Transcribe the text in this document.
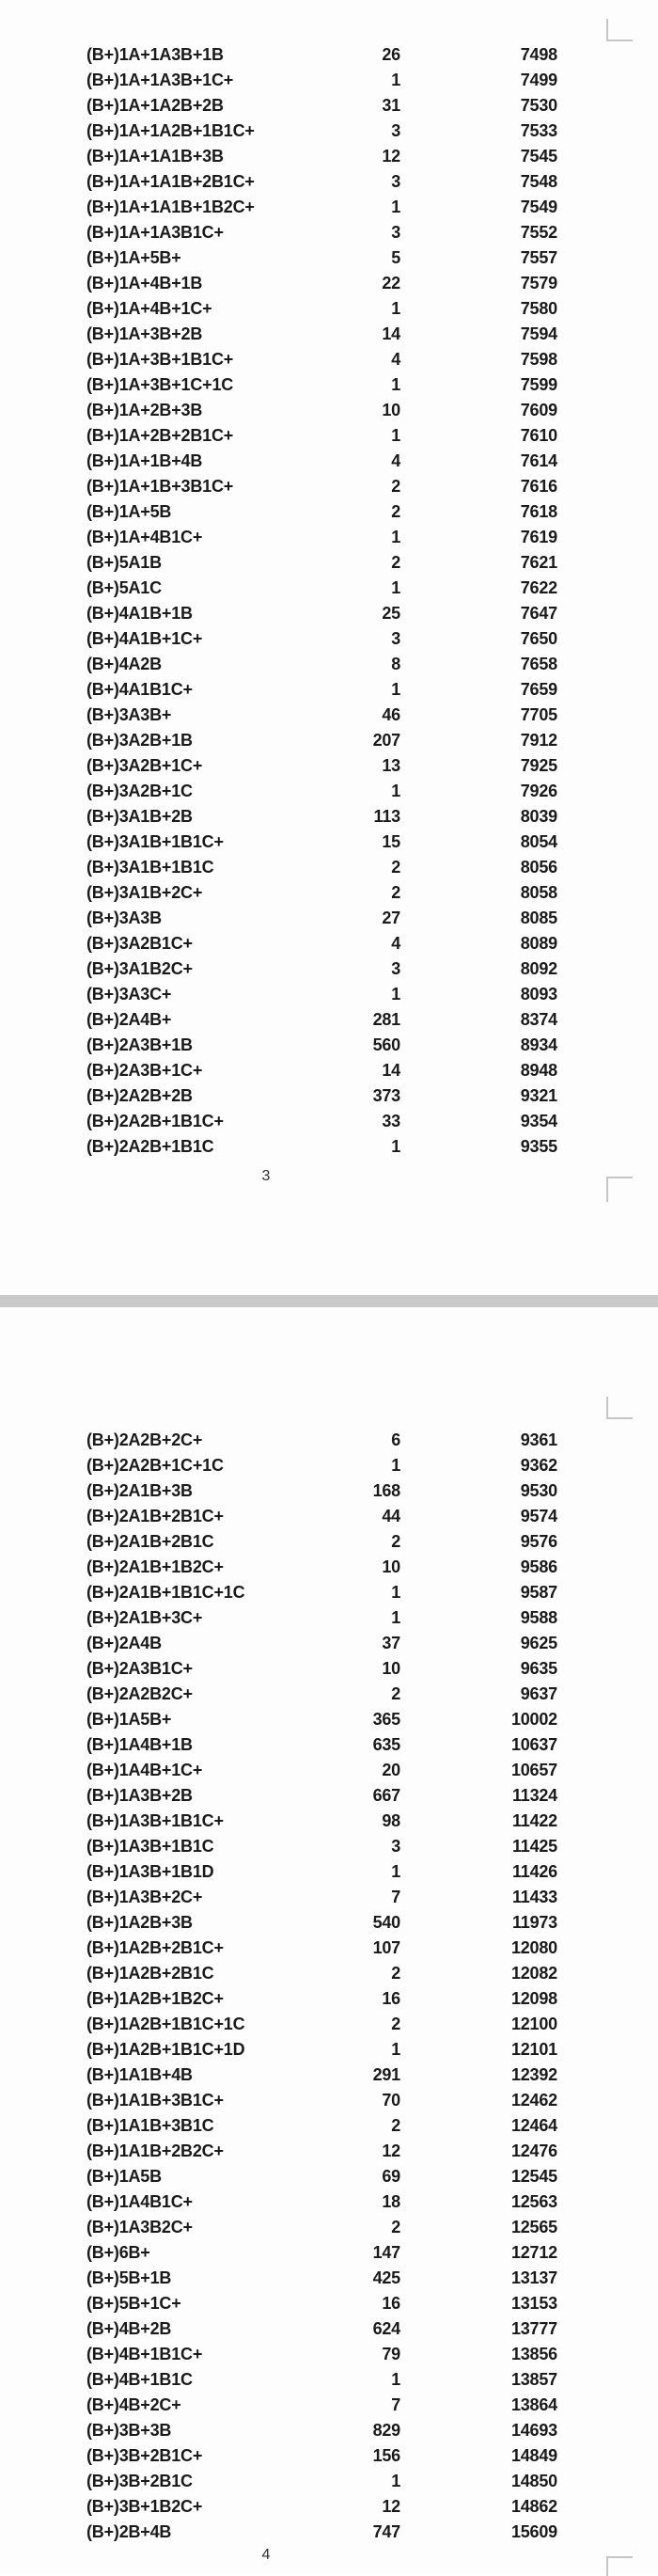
(B+)1A+1A3B+1B	26	7498
(B+)1A+1A3B+1C+	1	7499
(B+)1A+1A2B+2B	31	7530
(B+)1A+1A2B+1B1C+	3	7533
(B+)1A+1A1B+3B	12	7545
(B+)1A+1A1B+2B1C+	3	7548
(B+)1A+1A1B+1B2C+	1	7549
(B+)1A+1A3B1C+	3	7552
(B+)1A+5B+	5	7557
(B+)1A+4B+1B	22	7579
(B+)1A+4B+1C+	1	7580
(B+)1A+3B+2B	14	7594
(B+)1A+3B+1B1C+	4	7598
(B+)1A+3B+1C+1C	1	7599
(B+)1A+2B+3B	10	7609
(B+)1A+2B+2B1C+	1	7610
(B+)1A+1B+4B	4	7614
(B+)1A+1B+3B1C+	2	7616
(B+)1A+5B	2	7618
(B+)1A+4B1C+	1	7619
(B+)5A1B	2	7621
(B+)5A1C	1	7622
(B+)4A1B+1B	25	7647
(B+)4A1B+1C+	3	7650
(B+)4A2B	8	7658
(B+)4A1B1C+	1	7659
(B+)3A3B+	46	7705
(B+)3A2B+1B	207	7912
(B+)3A2B+1C+	13	7925
(B+)3A2B+1C	1	7926
(B+)3A1B+2B	113	8039
(B+)3A1B+1B1C+	15	8054
(B+)3A1B+1B1C	2	8056
(B+)3A1B+2C+	2	8058
(B+)3A3B	27	8085
(B+)3A2B1C+	4	8089
(B+)3A1B2C+	3	8092
(B+)3A3C+	1	8093
(B+)2A4B+	281	8374
(B+)2A3B+1B	560	8934
(B+)2A3B+1C+	14	8948
(B+)2A2B+2B	373	9321
(B+)2A2B+1B1C+	33	9354
(B+)2A2B+1B1C	1	9355
3
(B+)2A2B+2C+	6	9361
(B+)2A2B+1C+1C	1	9362
(B+)2A1B+3B	168	9530
(B+)2A1B+2B1C+	44	9574
(B+)2A1B+2B1C	2	9576
(B+)2A1B+1B2C+	10	9586
(B+)2A1B+1B1C+1C	1	9587
(B+)2A1B+3C+	1	9588
(B+)2A4B	37	9625
(B+)2A3B1C+	10	9635
(B+)2A2B2C+	2	9637
(B+)1A5B+	365	10002
(B+)1A4B+1B	635	10637
(B+)1A4B+1C+	20	10657
(B+)1A3B+2B	667	11324
(B+)1A3B+1B1C+	98	11422
(B+)1A3B+1B1C	3	11425
(B+)1A3B+1B1D	1	11426
(B+)1A3B+2C+	7	11433
(B+)1A2B+3B	540	11973
(B+)1A2B+2B1C+	107	12080
(B+)1A2B+2B1C	2	12082
(B+)1A2B+1B2C+	16	12098
(B+)1A2B+1B1C+1C	2	12100
(B+)1A2B+1B1C+1D	1	12101
(B+)1A1B+4B	291	12392
(B+)1A1B+3B1C+	70	12462
(B+)1A1B+3B1C	2	12464
(B+)1A1B+2B2C+	12	12476
(B+)1A5B	69	12545
(B+)1A4B1C+	18	12563
(B+)1A3B2C+	2	12565
(B+)6B+	147	12712
(B+)5B+1B	425	13137
(B+)5B+1C+	16	13153
(B+)4B+2B	624	13777
(B+)4B+1B1C+	79	13856
(B+)4B+1B1C	1	13857
(B+)4B+2C+	7	13864
(B+)3B+3B	829	14693
(B+)3B+2B1C+	156	14849
(B+)3B+2B1C	1	14850
(B+)3B+1B2C+	12	14862
(B+)2B+4B	747	15609
4
